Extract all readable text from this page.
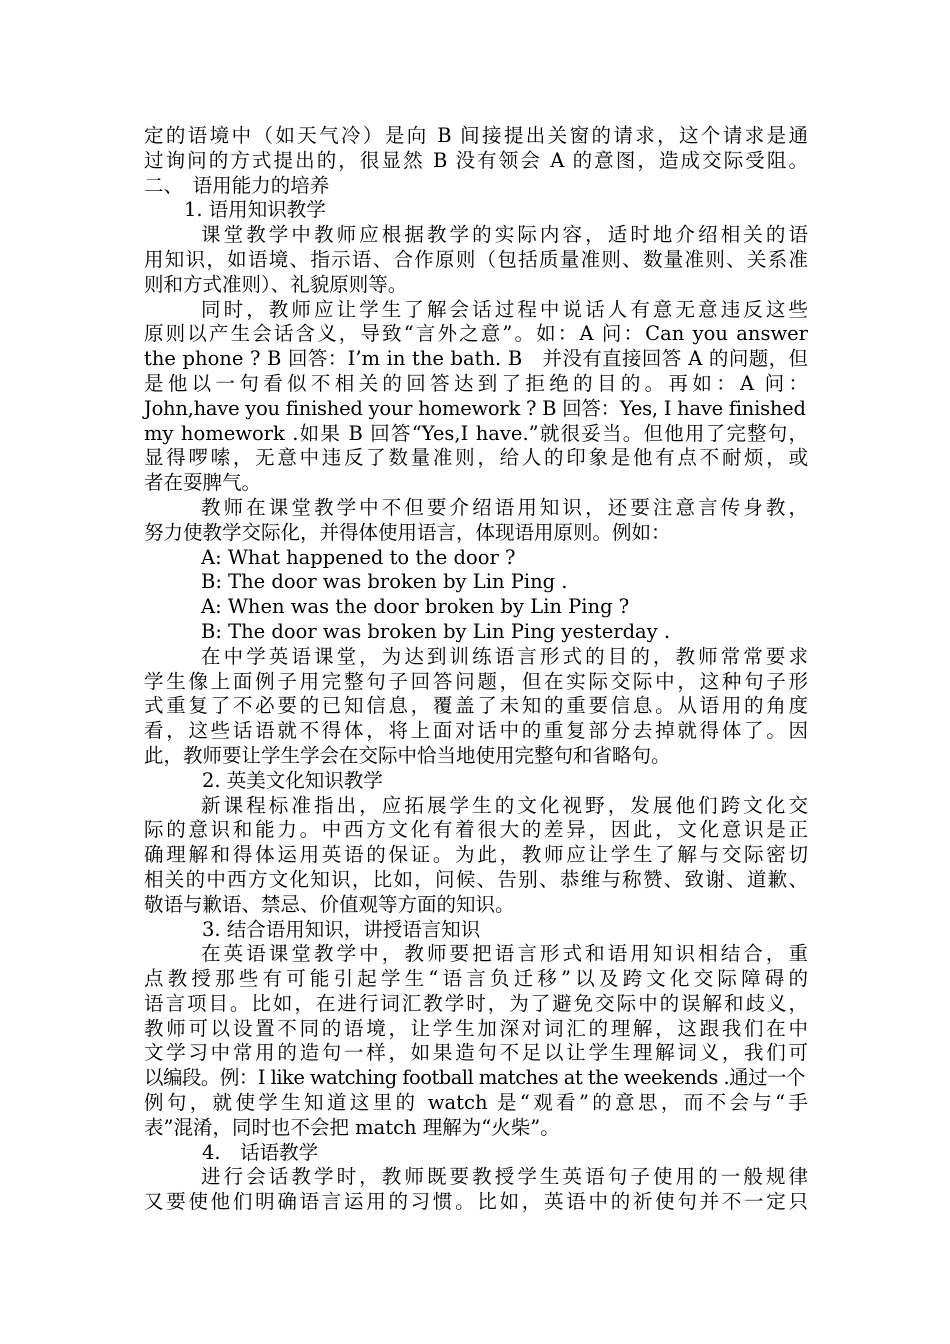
定的语境中（如天气冷）是向 B 间接提出关窗的请求，这个请求是通
过询问的方式提出的，很显然 B 没有领会 A 的意图，造成交际受阻。
二、　语用能力的培养
1. 语用知识教学
课堂教学中教师应根据教学的实际内容，适时地介绍相关的语
用知识，如语境、指示语、合作原则（包括质量准则、数量准则、关系准
则和方式准则）、礼貌原则等。
同时，教师应让学生了解会话过程中说话人有意无意违反这些
原则以产生会话含义，导致“言外之意”。如：A 问：Can you answer
the phone ? B 回答：I’m in the bath. B　并没有直接回答 A 的问题，但
是他以一句看似不相关的回答达到了拒绝的目的。再如：A 问：
John,have you finished your homework ? B 回答：Yes, I have finished
my homework .如果 B 回答“Yes,I have.”就很妥当。但他用了完整句，
显得啰嗦，无意中违反了数量准则，给人的印象是他有点不耐烦，或
者在耍脾气。
教师在课堂教学中不但要介绍语用知识，还要注意言传身教，
努力使教学交际化，并得体使用语言，体现语用原则。例如：
A: What happened to the door ?
B: The door was broken by Lin Ping .
A: When was the door broken by Lin Ping ?
B: The door was broken by Lin Ping yesterday .
在中学英语课堂，为达到训练语言形式的目的，教师常常要求
学生像上面例子用完整句子回答问题，但在实际交际中，这种句子形
式重复了不必要的已知信息，覆盖了未知的重要信息。从语用的角度
看，这些话语就不得体，将上面对话中的重复部分去掉就得体了。因
此，教师要让学生学会在交际中恰当地使用完整句和省略句。
2. 英美文化知识教学
新课程标准指出，应拓展学生的文化视野，发展他们跨文化交
际的意识和能力。中西方文化有着很大的差异，因此，文化意识是正
确理解和得体运用英语的保证。为此，教师应让学生了解与交际密切
相关的中西方文化知识，比如，问候、告别、恭维与称赞、致谢、道歉、
敬语与歉语、禁忌、价值观等方面的知识。
3. 结合语用知识，讲授语言知识
在英语课堂教学中，教师要把语言形式和语用知识相结合，重
点教授那些有可能引起学生“语言负迁移”以及跨文化交际障碍的
语言项目。比如，在进行词汇教学时，为了避免交际中的误解和歧义，
教师可以设置不同的语境，让学生加深对词汇的理解，这跟我们在中
文学习中常用的造句一样，如果造句不足以让学生理解词义，我们可
以编段。例：I like watching football matches at the weekends .通过一个
例句，就使学生知道这里的 watch 是“观看”的意思，而不会与“手
表”混淆，同时也不会把 match 理解为“火柴”。
4.　话语教学
进行会话教学时，教师既要教授学生英语句子使用的一般规律
又要使他们明确语言运用的习惯。比如，英语中的祈使句并不一定只
